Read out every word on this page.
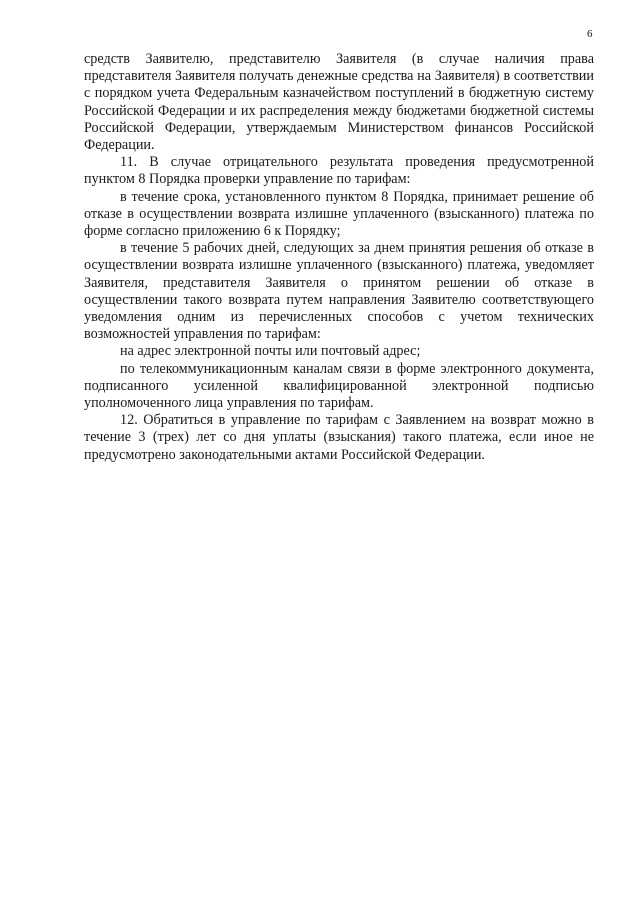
6

средств Заявителю, представителю Заявителя (в случае наличия права представителя Заявителя получать денежные средства на Заявителя) в соответствии с порядком учета Федеральным казначейством поступлений в бюджетную систему Российской Федерации и их распределения между бюджетами бюджетной системы Российской Федерации, утверждаемым Министерством финансов Российской Федерации.

11. В случае отрицательного результата проведения предусмотренной пунктом 8 Порядка проверки управление по тарифам:

в течение срока, установленного пунктом 8 Порядка, принимает решение об отказе в осуществлении возврата излишне уплаченного (взысканного) платежа по форме согласно приложению 6 к Порядку;

в течение 5 рабочих дней, следующих за днем принятия решения об отказе в осуществлении возврата излишне уплаченного (взысканного) платежа, уведомляет Заявителя, представителя Заявителя о принятом решении об отказе в осуществлении такого возврата путем направления Заявителю соответствующего уведомления одним из перечисленных способов с учетом технических возможностей управления по тарифам:

на адрес электронной почты или почтовый адрес;

по телекоммуникационным каналам связи в форме электронного документа, подписанного усиленной квалифицированной электронной подписью уполномоченного лица управления по тарифам.

12. Обратиться в управление по тарифам с Заявлением на возврат можно в течение 3 (трех) лет со дня уплаты (взыскания) такого платежа, если иное не предусмотрено законодательными актами Российской Федерации.
